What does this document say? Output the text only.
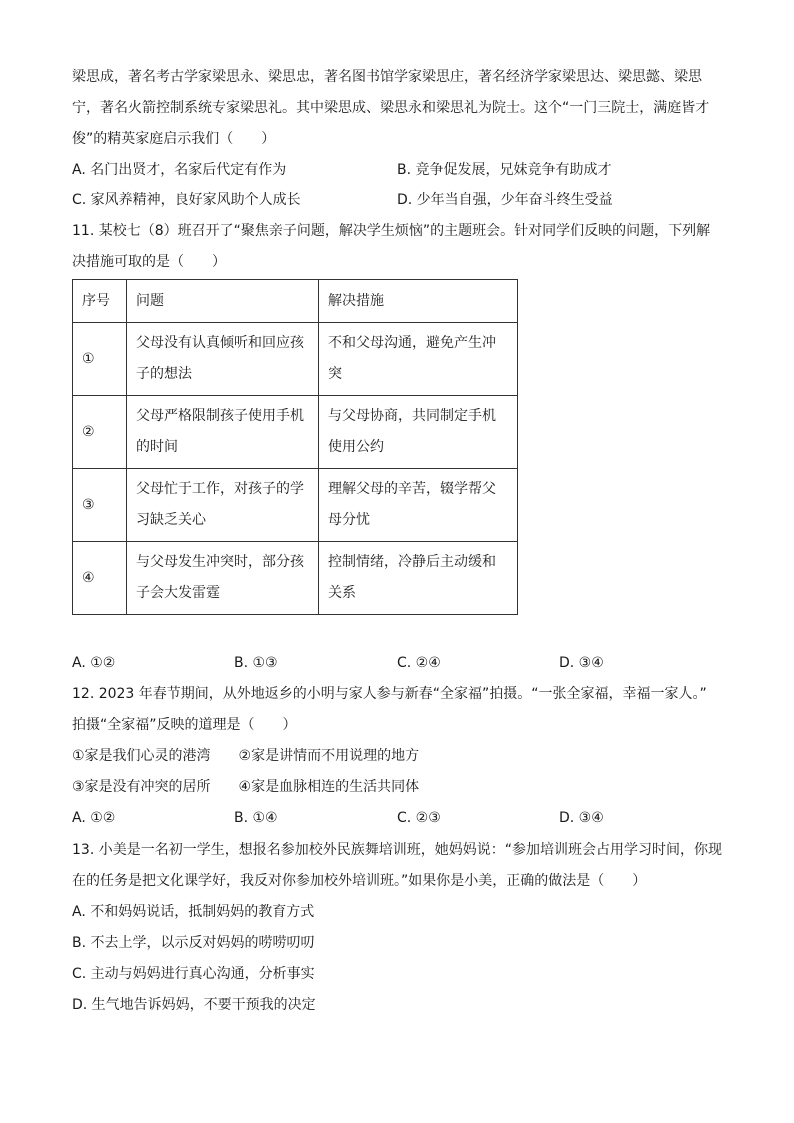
梁思成，著名考古学家梁思永、梁思忠，著名图书馆学家梁思庄，著名经济学家梁思达、梁思懿、梁思
宁，著名火箭控制系统专家梁思礼。其中梁思成、梁思永和梁思礼为院士。这个“一门三院士，满庭皆才
俊”的精英家庭启示我们（　　）
A. 名门出贤才，名家后代定有作为	B. 竞争促发展，兄妹竞争有助成才
C. 家风养精神，良好家风助个人成长	D. 少年当自强，少年奋斗终生受益
11. 某校七（8）班召开了“聚焦亲子问题，解决学生烦恼”的主题班会。针对同学们反映的问题，下列解
决措施可取的是（　　）
序号	问题	解决措施
①	父母没有认真倾听和回应孩子的想法	不和父母沟通，避免产生冲突

②	父母严格限制孩子使用手机的时间	与父母协商，共同制定手机使用公约

③	父母忙于工作，对孩子的学习缺乏关心	理解父母的辛苦，辍学帮父母分忧

④	与父母发生冲突时，部分孩子会大发雷霆	控制情绪，冷静后主动缓和关系
A. ①②	B. ①③	C. ②④	D. ③④
12. 2023 年春节期间，从外地返乡的小明与家人参与新春“全家福”拍摄。“一张全家福，幸福一家人。”
拍摄“全家福”反映的道理是（　　）
①家是我们心灵的港湾　　②家是讲情而不用说理的地方
③家是没有冲突的居所　　④家是血脉相连的生活共同体
A. ①②	B. ①④	C. ②③	D. ③④
13. 小美是一名初一学生，想报名参加校外民族舞培训班，她妈妈说：“参加培训班会占用学习时间，你现
在的任务是把文化课学好，我反对你参加校外培训班。”如果你是小美，正确的做法是（　　）
A. 不和妈妈说话，抵制妈妈的教育方式
B. 不去上学，以示反对妈妈的唠唠叨叨
C. 主动与妈妈进行真心沟通，分析事实
D. 生气地告诉妈妈，不要干预我的决定
